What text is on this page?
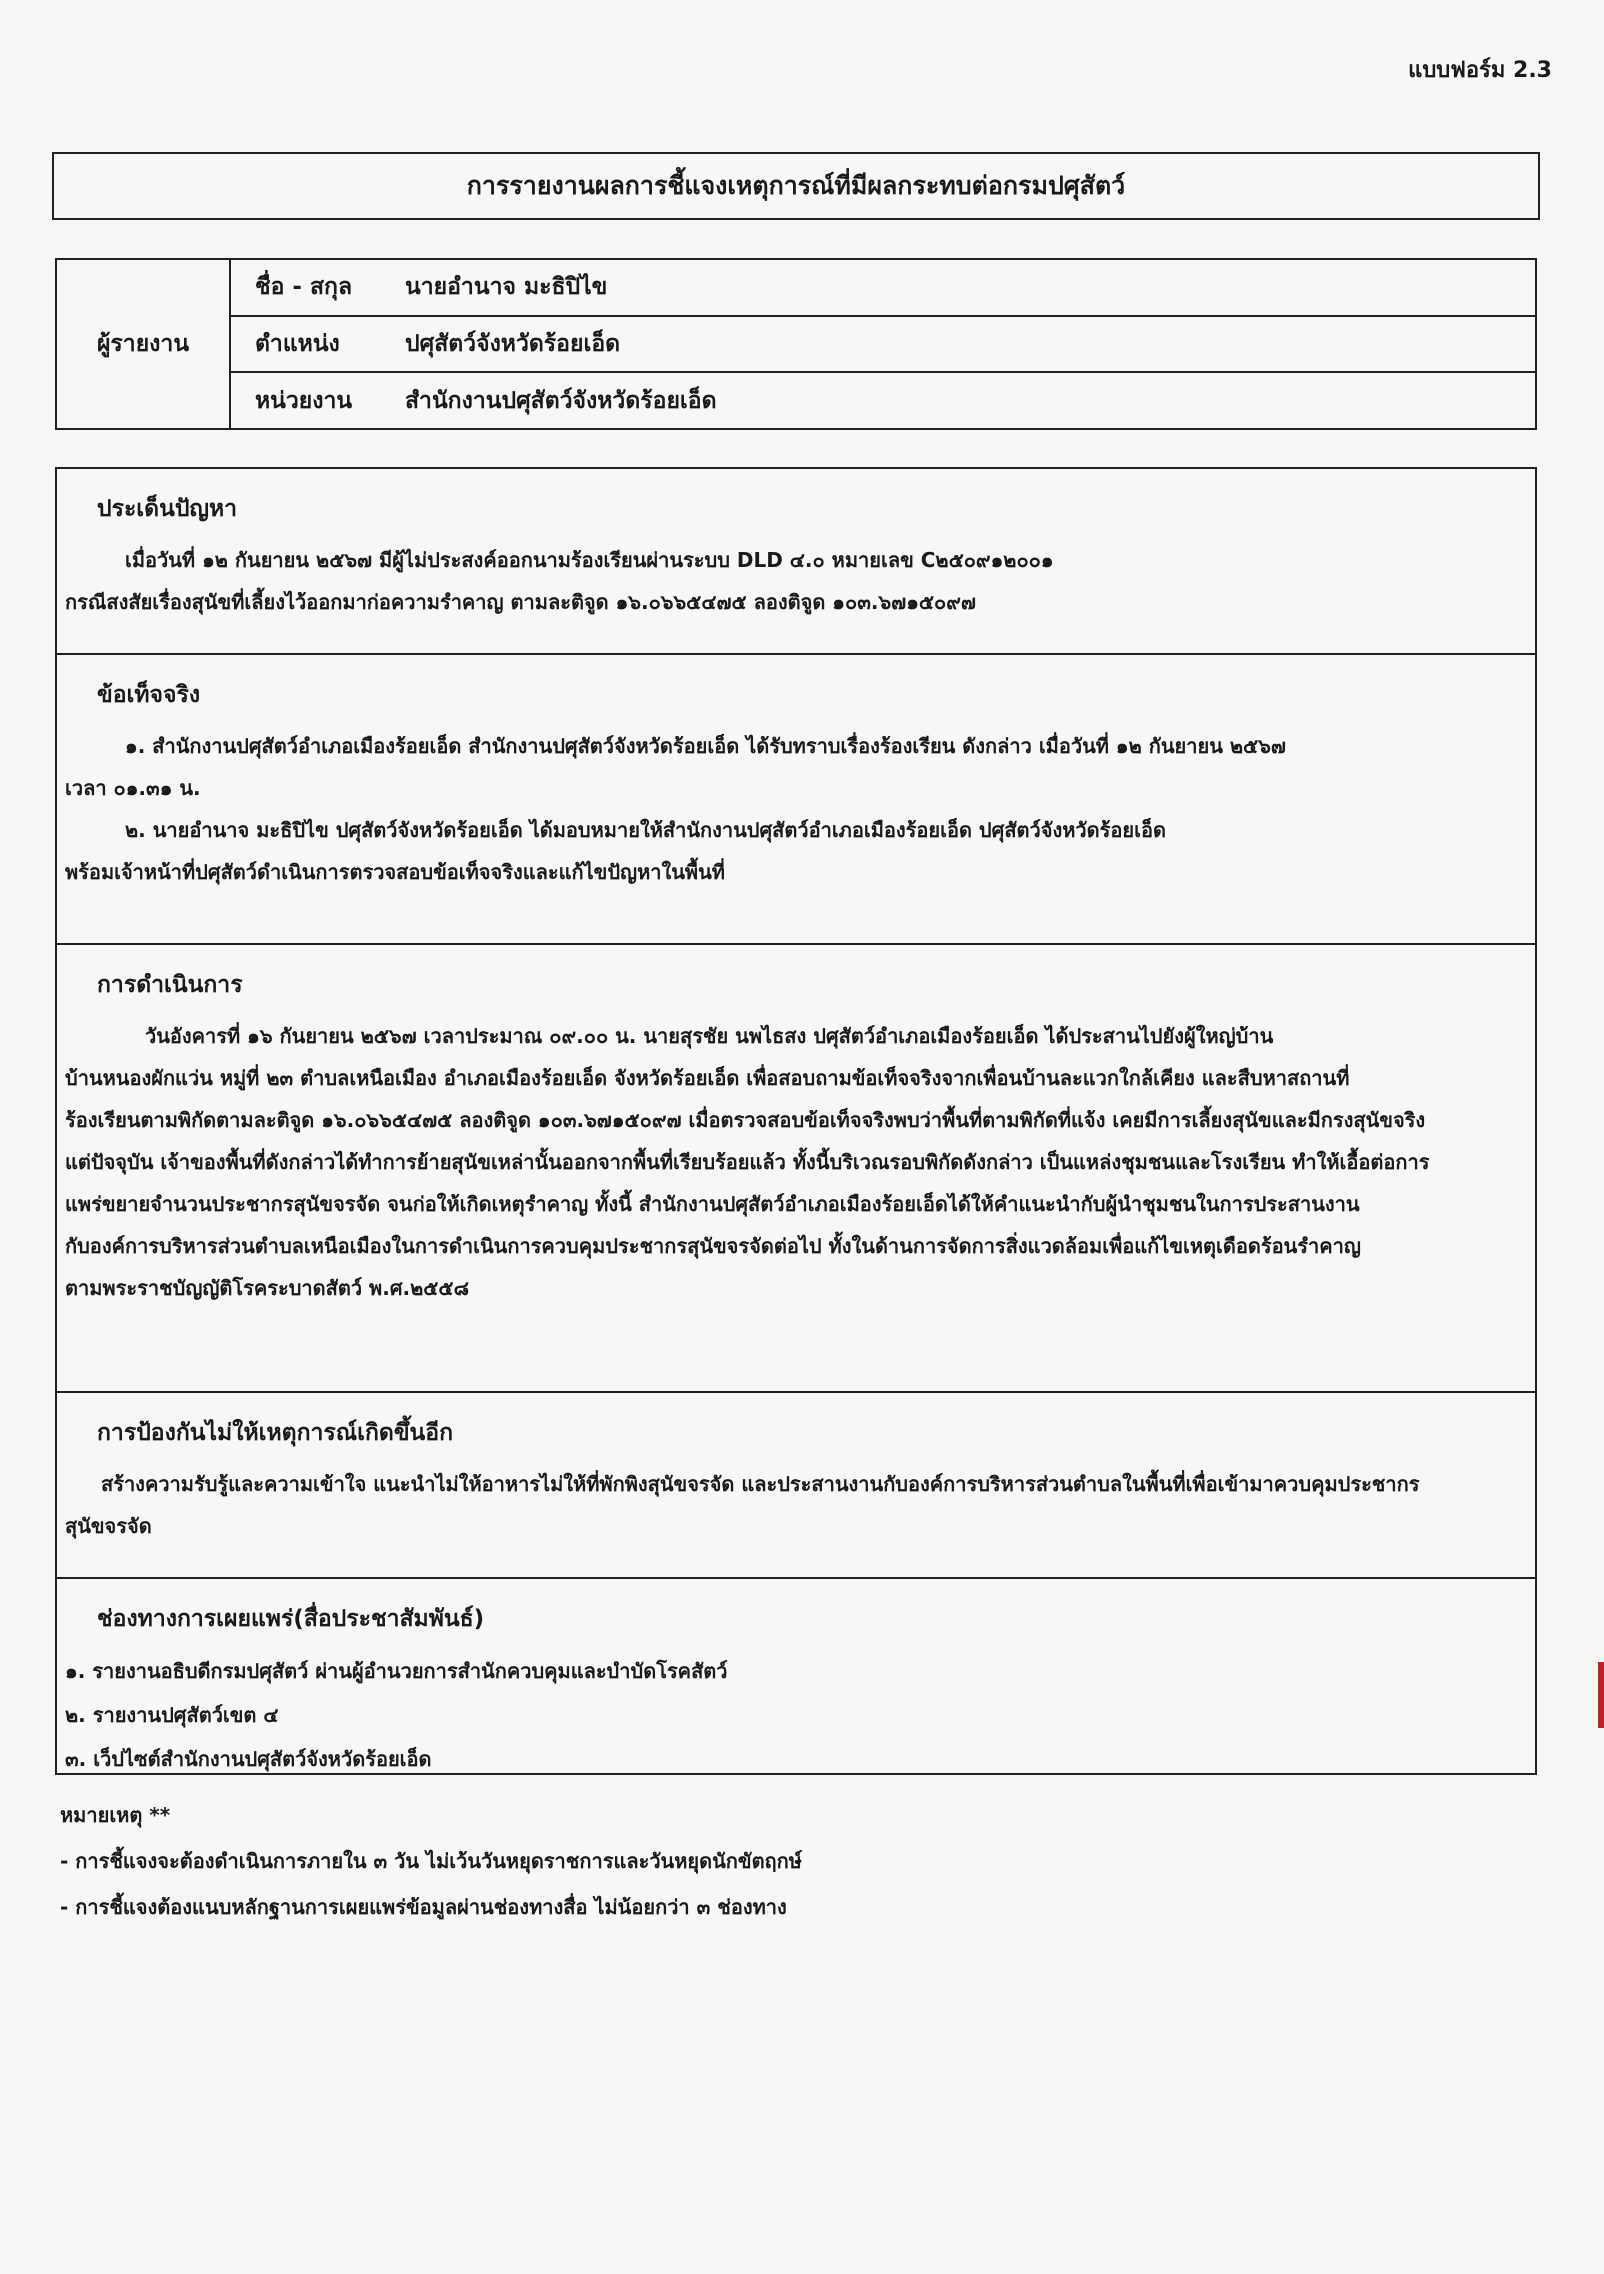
แบบฟอร์ม 2.3
การรายงานผลการชี้แจงเหตุการณ์ที่มีผลกระทบต่อกรมปศุสัตว์
ผู้รายงาน
ชื่อ - สกุล	นายอำนาจ มะธิปิไข
ตำแหน่ง	ปศุสัตว์จังหวัดร้อยเอ็ด
หน่วยงาน	สำนักงานปศุสัตว์จังหวัดร้อยเอ็ด
ประเด็นปัญหา
เมื่อวันที่ ๑๒ กันยายน ๒๕๖๗ มีผู้ไม่ประสงค์ออกนามร้องเรียนผ่านระบบ DLD ๔.๐ หมายเลข C๒๕๐๙๑๒๐๐๑
กรณีสงสัยเรื่องสุนัขที่เลี้ยงไว้ออกมาก่อความรำคาญ ตามละติจูด ๑๖.๐๖๖๕๔๗๕ ลองติจูด ๑๐๓.๖๗๑๕๐๙๗
ข้อเท็จจริง
๑. สำนักงานปศุสัตว์อำเภอเมืองร้อยเอ็ด สำนักงานปศุสัตว์จังหวัดร้อยเอ็ด ได้รับทราบเรื่องร้องเรียน ดังกล่าว เมื่อวันที่ ๑๒ กันยายน ๒๕๖๗
เวลา ๐๑.๓๑ น.
๒. นายอำนาจ มะธิปิไข ปศุสัตว์จังหวัดร้อยเอ็ด ได้มอบหมายให้สำนักงานปศุสัตว์อำเภอเมืองร้อยเอ็ด ปศุสัตว์จังหวัดร้อยเอ็ด
พร้อมเจ้าหน้าที่ปศุสัตว์ดำเนินการตรวจสอบข้อเท็จจริงและแก้ไขปัญหาในพื้นที่
การดำเนินการ
วันอังคารที่ ๑๖ กันยายน ๒๕๖๗ เวลาประมาณ ๐๙.๐๐ น. นายสุรชัย นพไธสง ปศุสัตว์อำเภอเมืองร้อยเอ็ด ได้ประสานไปยังผู้ใหญ่บ้าน
บ้านหนองผักแว่น หมู่ที่ ๒๓ ตำบลเหนือเมือง อำเภอเมืองร้อยเอ็ด จังหวัดร้อยเอ็ด เพื่อสอบถามข้อเท็จจริงจากเพื่อนบ้านละแวกใกล้เคียง และสืบหาสถานที่
ร้องเรียนตามพิกัดตามละติจูด ๑๖.๐๖๖๕๔๗๕ ลองติจูด ๑๐๓.๖๗๑๕๐๙๗ เมื่อตรวจสอบข้อเท็จจริงพบว่าพื้นที่ตามพิกัดที่แจ้ง เคยมีการเลี้ยงสุนัขและมีกรงสุนัขจริง
แต่ปัจจุบัน เจ้าของพื้นที่ดังกล่าวได้ทำการย้ายสุนัขเหล่านั้นออกจากพื้นที่เรียบร้อยแล้ว ทั้งนี้บริเวณรอบพิกัดดังกล่าว เป็นแหล่งชุมชนและโรงเรียน ทำให้เอื้อต่อการ
แพร่ขยายจำนวนประชากรสุนัขจรจัด จนก่อให้เกิดเหตุรำคาญ ทั้งนี้ สำนักงานปศุสัตว์อำเภอเมืองร้อยเอ็ดได้ให้คำแนะนำกับผู้นำชุมชนในการประสานงาน
กับองค์การบริหารส่วนตำบลเหนือเมืองในการดำเนินการควบคุมประชากรสุนัขจรจัดต่อไป ทั้งในด้านการจัดการสิ่งแวดล้อมเพื่อแก้ไขเหตุเดือดร้อนรำคาญ
ตามพระราชบัญญัติโรคระบาดสัตว์ พ.ศ.๒๕๕๘
การป้องกันไม่ให้เหตุการณ์เกิดขึ้นอีก
สร้างความรับรู้และความเข้าใจ แนะนำไม่ให้อาหารไม่ให้ที่พักพิงสุนัขจรจัด และประสานงานกับองค์การบริหารส่วนตำบลในพื้นที่เพื่อเข้ามาควบคุมประชากร
สุนัขจรจัด
ช่องทางการเผยแพร่(สื่อประชาสัมพันธ์)
๑. รายงานอธิบดีกรมปศุสัตว์ ผ่านผู้อำนวยการสำนักควบคุมและบำบัดโรคสัตว์
๒. รายงานปศุสัตว์เขต ๔
๓. เว็ปไซต์สำนักงานปศุสัตว์จังหวัดร้อยเอ็ด
หมายเหตุ **
- การชี้แจงจะต้องดำเนินการภายใน ๓ วัน ไม่เว้นวันหยุดราชการและวันหยุดนักขัตฤกษ์
- การชี้แจงต้องแนบหลักฐานการเผยแพร่ข้อมูลผ่านช่องทางสื่อ ไม่น้อยกว่า ๓ ช่องทาง
